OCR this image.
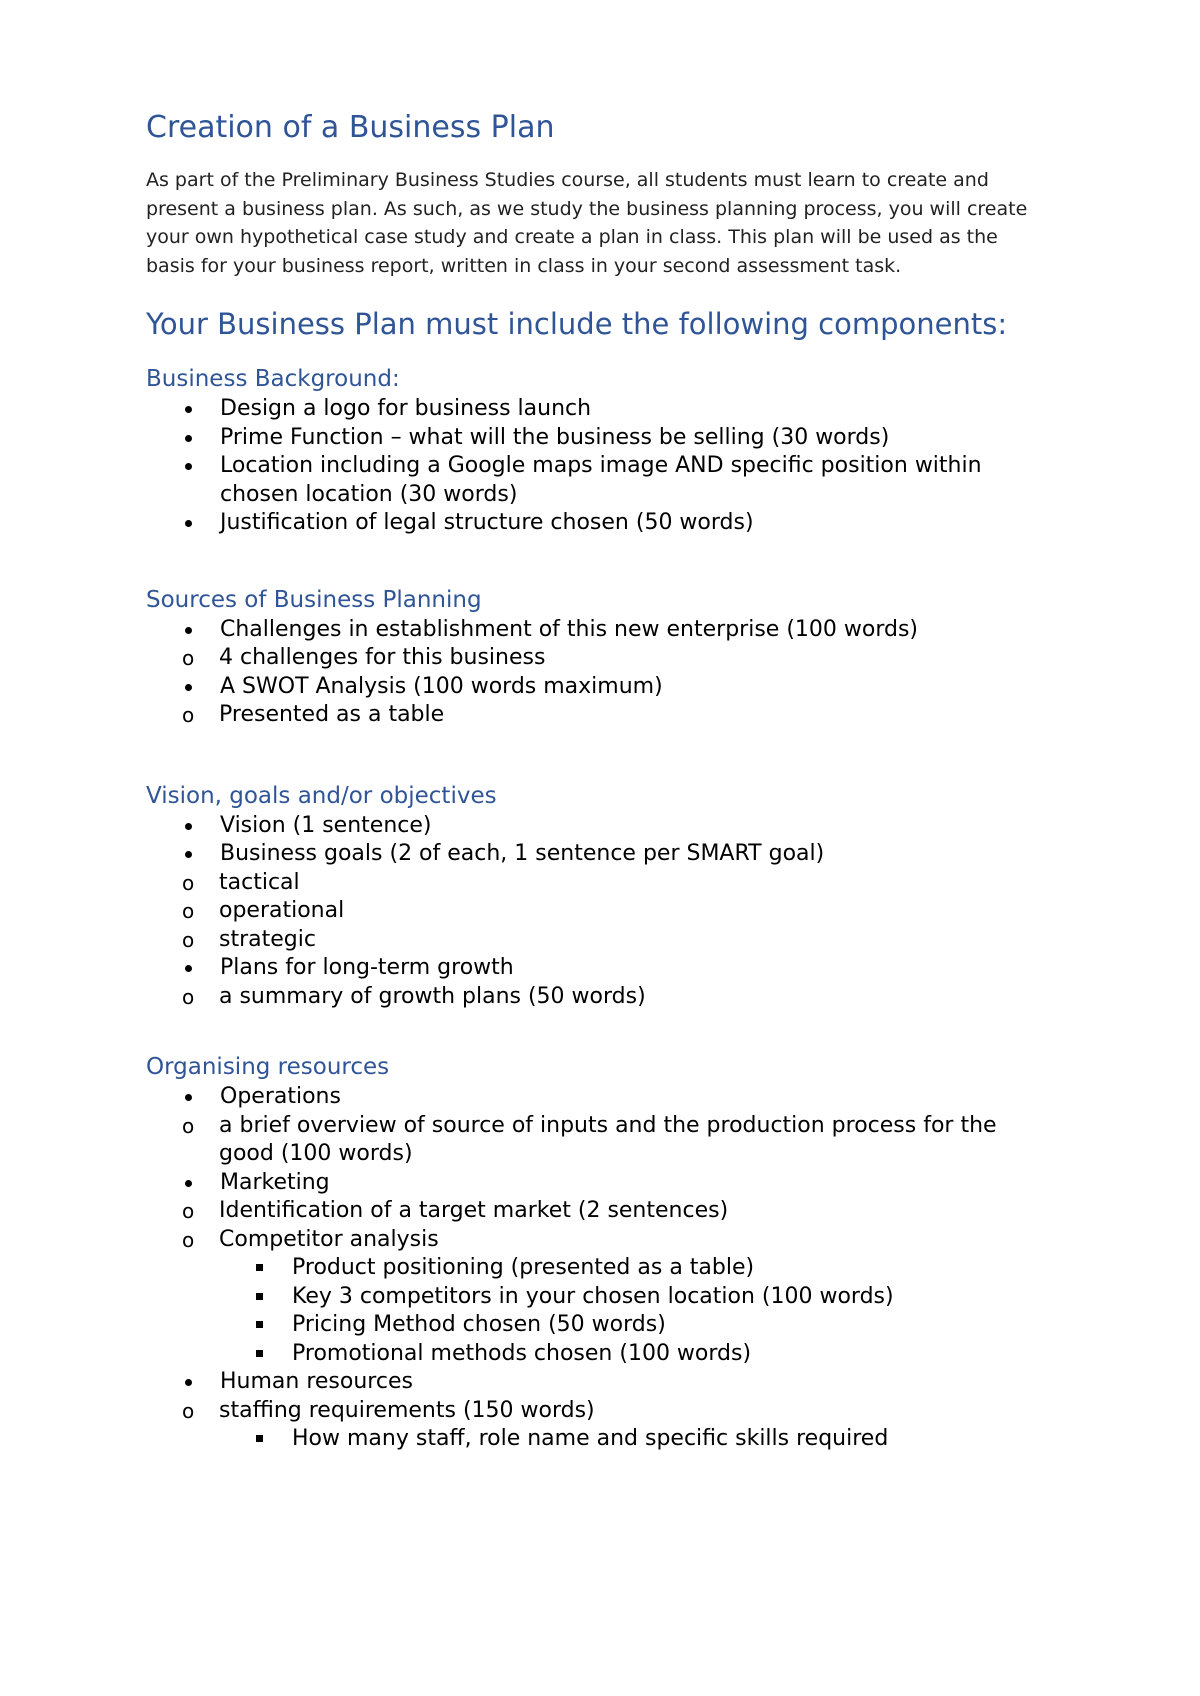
Creation of a Business Plan

As part of the Preliminary Business Studies course, all students must learn to create and present a business plan. As such, as we study the business planning process, you will create your own hypothetical case study and create a plan in class. This plan will be used as the basis for your business report, written in class in your second assessment task.

Your Business Plan must include the following components:
Business Background:
Design a logo for business launch
Prime Function – what will the business be selling (30 words)
Location including a Google maps image AND specific position within chosen location (30 words)
Justification of legal structure chosen (50 words)
Sources of Business Planning
Challenges in establishment of this new enterprise (100 words)
o 4 challenges for this business
A SWOT Analysis (100 words maximum)
o Presented as a table
Vision, goals and/or objectives
Vision (1 sentence)
Business goals (2 of each, 1 sentence per SMART goal)
o tactical
o operational
o strategic
Plans for long-term growth
o a summary of growth plans (50 words)
Organising resources
Operations
o a brief overview of source of inputs and the production process for the good (100 words)
Marketing
o Identification of a target market (2 sentences)
o Competitor analysis
Product positioning (presented as a table)
Key 3 competitors in your chosen location (100 words)
Pricing Method chosen (50 words)
Promotional methods chosen (100 words)
Human resources
o staffing requirements (150 words)
How many staff, role name and specific skills required
